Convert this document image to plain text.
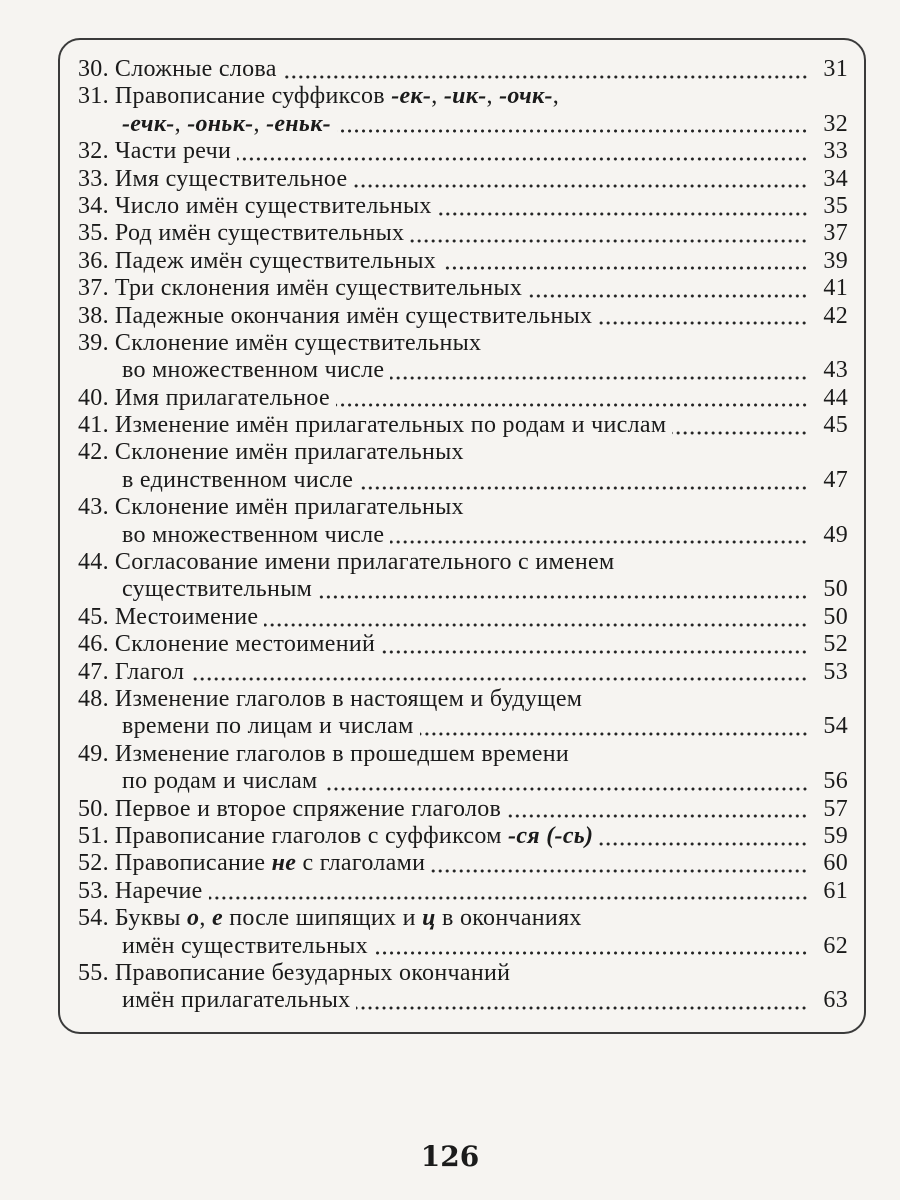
30. Сложные слова	31
31. Правописание суффиксов -ек-, -ик-, -очк-,
-ечк-, -оньк-, -еньк-	32
32. Части речи	33
33. Имя существительное	34
34. Число имён существительных	35
35. Род имён существительных	37
36. Падеж имён существительных	39
37. Три склонения имён существительных	41
38. Падежные окончания имён существительных	42
39. Склонение имён существительных
во множественном числе	43
40. Имя прилагательное	44
41. Изменение имён прилагательных по родам и числам	45
42. Склонение имён прилагательных
в единственном числе	47
43. Склонение имён прилагательных
во множественном числе	49
44. Согласование имени прилагательного с именем
существительным	50
45. Местоимение	50
46. Склонение местоимений	52
47. Глагол	53
48. Изменение глаголов в настоящем и будущем
времени по лицам и числам	54
49. Изменение глаголов в прошедшем времени
по родам и числам	56
50. Первое и второе спряжение глаголов	57
51. Правописание глаголов с суффиксом -ся (-сь)	59
52. Правописание не с глаголами	60
53. Наречие	61
54. Буквы о, е после шипящих и ц в окончаниях
имён существительных	62
55. Правописание безударных окончаний
имён прилагательных	63
126
